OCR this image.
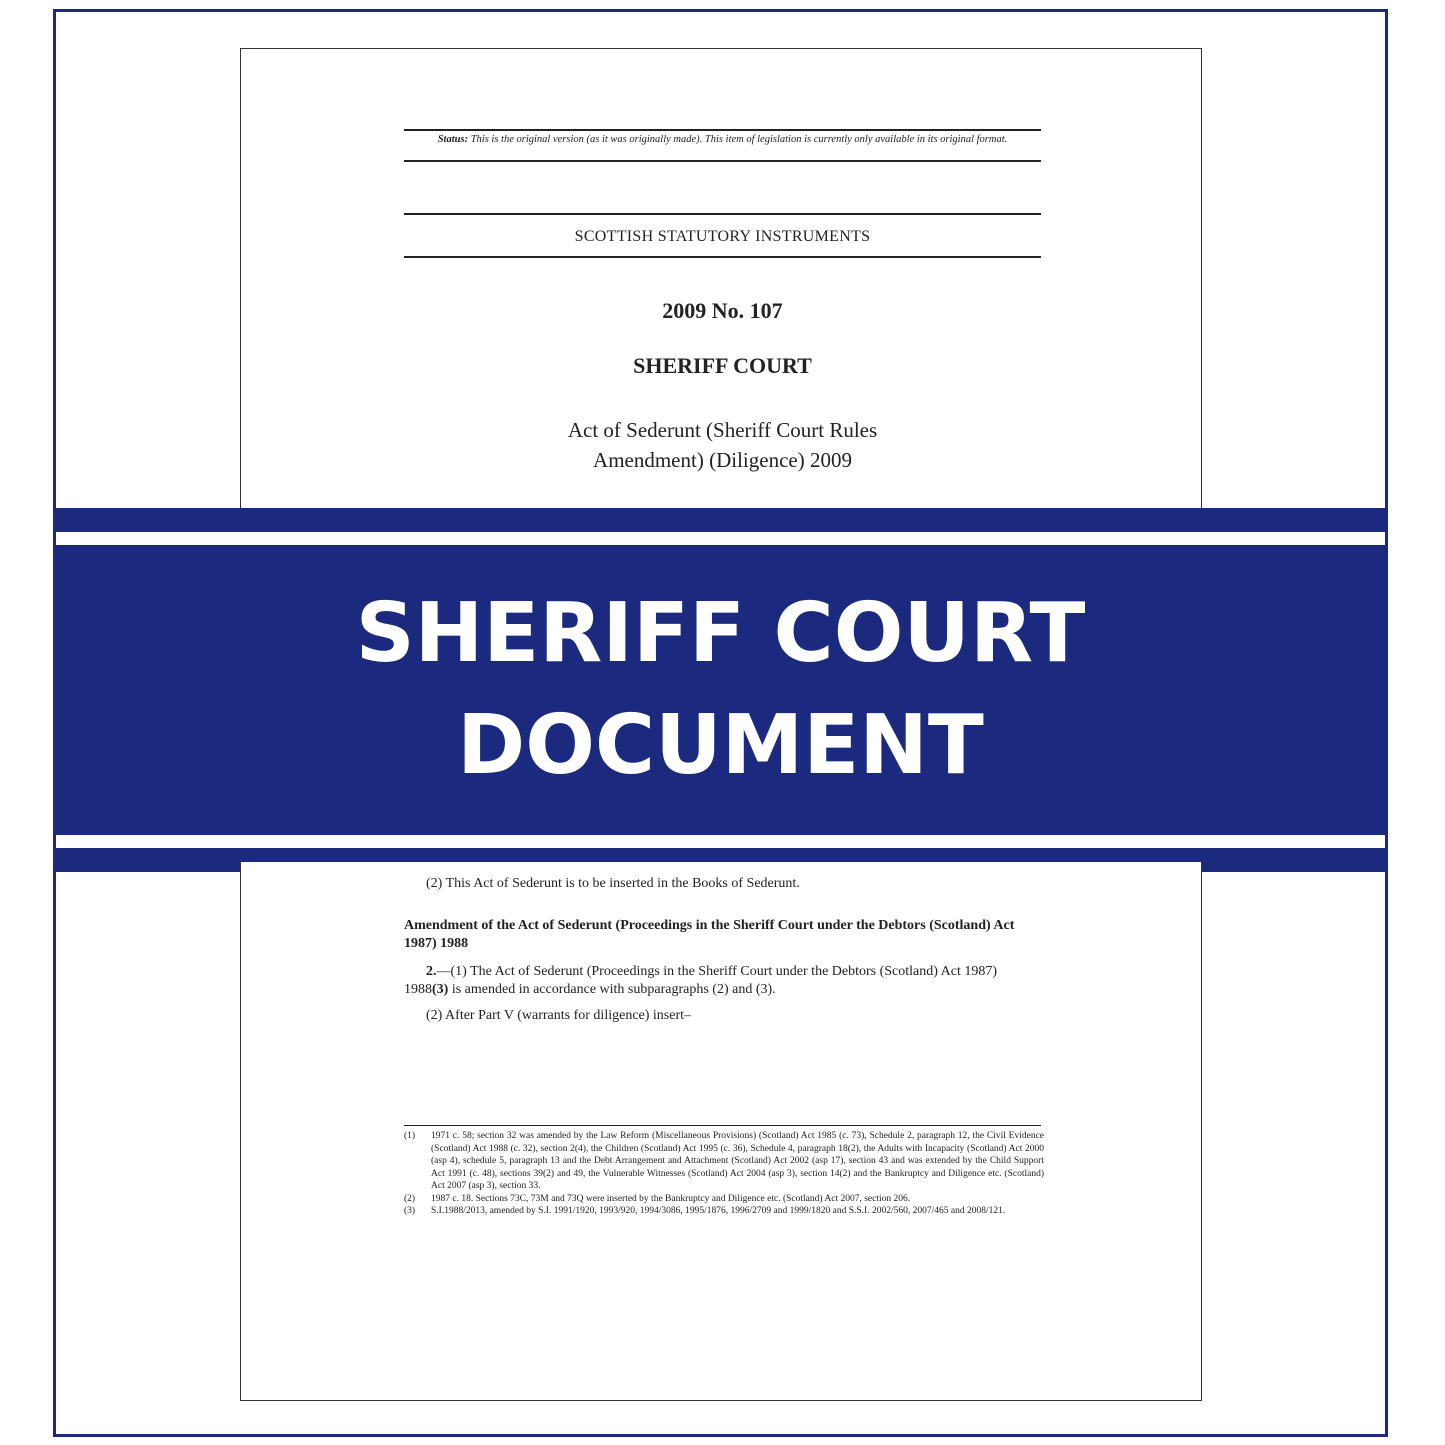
Status: This is the original version (as it was originally made). This item of legislation is currently only available in its original format.
SCOTTISH STATUTORY INSTRUMENTS
2009 No. 107
SHERIFF COURT
Act of Sederunt (Sheriff Court Rules
Amendment) (Diligence) 2009
SHERIFF COURT
DOCUMENT
(2) This Act of Sederunt is to be inserted in the Books of Sederunt.
Amendment of the Act of Sederunt (Proceedings in the Sheriff Court under the Debtors (Scotland) Act 1987) 1988
2.—(1) The Act of Sederunt (Proceedings in the Sheriff Court under the Debtors (Scotland) Act 1987) 1988(3) is amended in accordance with subparagraphs (2) and (3).
(2) After Part V (warrants for diligence) insert–
(1)	1971 c. 58; section 32 was amended by the Law Reform (Miscellaneous Provisions) (Scotland) Act 1985 (c. 73), Schedule 2, paragraph 12, the Civil Evidence (Scotland) Act 1988 (c. 32), section 2(4), the Children (Scotland) Act 1995 (c. 36), Schedule 4, paragraph 18(2), the Adults with Incapacity (Scotland) Act 2000 (asp 4), schedule 5, paragraph 13 and the Debt Arrangement and Attachment (Scotland) Act 2002 (asp 17), section 43 and was extended by the Child Support Act 1991 (c. 48), sections 39(2) and 49, the Vulnerable Witnesses (Scotland) Act 2004 (asp 3), section 14(2) and the Bankruptcy and Diligence etc. (Scotland) Act 2007 (asp 3), section 33.
(2)	1987 c. 18. Sections 73C, 73M and 73Q were inserted by the Bankruptcy and Diligence etc. (Scotland) Act 2007, section 206.
(3)	S.I.1988/2013, amended by S.I. 1991/1920, 1993/920, 1994/3086, 1995/1876, 1996/2709 and 1999/1820 and S.S.I. 2002/560, 2007/465 and 2008/121.
